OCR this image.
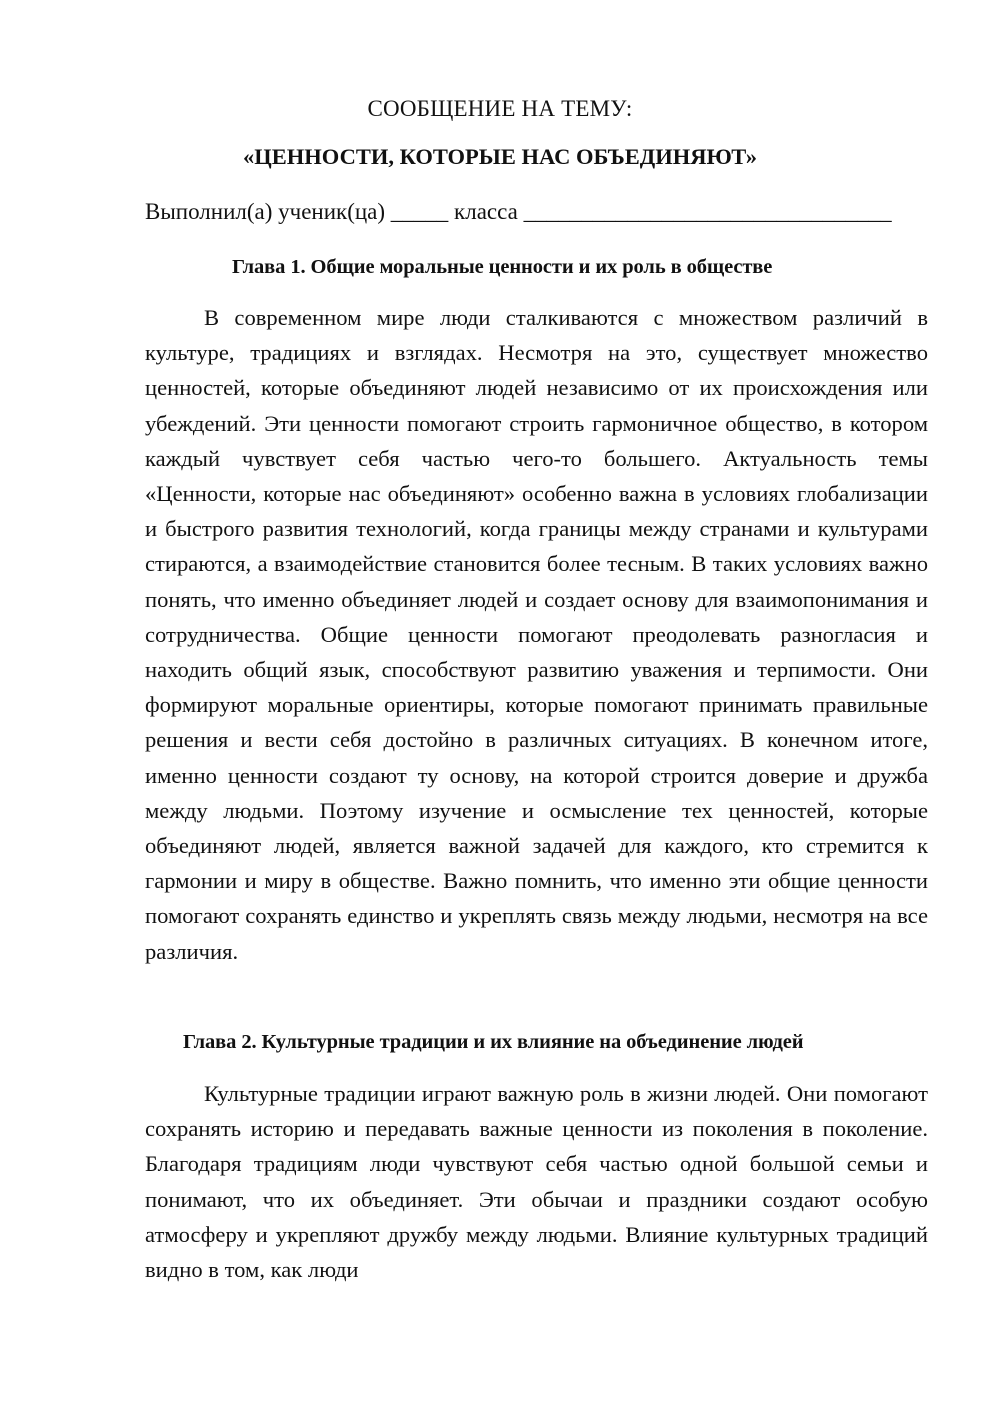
СООБЩЕНИЕ НА ТЕМУ:
«ЦЕННОСТИ, КОТОРЫЕ НАС ОБЪЕДИНЯЮТ»
Выполнил(а) ученик(ца) _____ класса ________________________________
Глава 1. Общие моральные ценности и их роль в обществе

В современном мире люди сталкиваются с множеством различий в культуре, традициях и взглядах. Несмотря на это, существует множество ценностей, которые объединяют людей независимо от их происхождения или убеждений. Эти ценности помогают строить гармоничное общество, в котором каждый чувствует себя частью чего-то большего. Актуальность темы «Ценности, которые нас объединяют» особенно важна в условиях глобализации и быстрого развития технологий, когда границы между странами и культурами стираются, а взаимодействие становится более тесным. В таких условиях важно понять, что именно объединяет людей и создает основу для взаимопонимания и сотрудничества. Общие ценности помогают преодолевать разногласия и находить общий язык, способствуют развитию уважения и терпимости. Они формируют моральные ориентиры, которые помогают принимать правильные решения и вести себя достойно в различных ситуациях. В конечном итоге, именно ценности создают ту основу, на которой строится доверие и дружба между людьми. Поэтому изучение и осмысление тех ценностей, которые объединяют людей, является важной задачей для каждого, кто стремится к гармонии и миру в обществе. Важно помнить, что именно эти общие ценности помогают сохранять единство и укреплять связь между людьми, несмотря на все различия.

Глава 2. Культурные традиции и их влияние на объединение людей

Культурные традиции играют важную роль в жизни людей. Они помогают сохранять историю и передавать важные ценности из поколения в поколение. Благодаря традициям люди чувствуют себя частью одной большой семьи и понимают, что их объединяет. Эти обычаи и праздники создают особую атмосферу и укрепляют дружбу между людьми. Влияние культурных традиций видно в том, как люди
